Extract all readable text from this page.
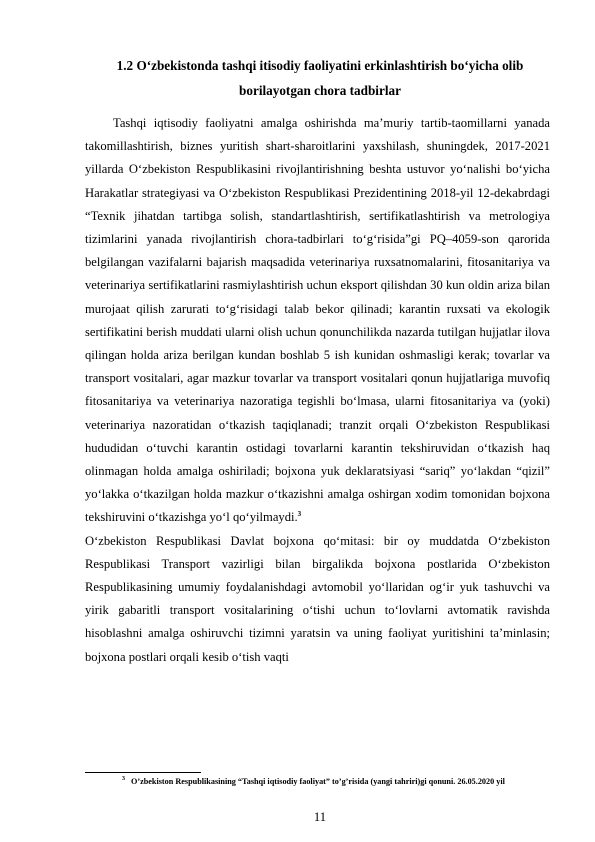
1.2 O‘zbekistonda tashqi itisodiy faoliyatini erkinlashtirish bo‘yicha olib
borilayotgan chora tadbirlar

Tashqi iqtisodiy faoliyatni amalga oshirishda maʼmuriy tartib-taomillarni yanada takomillashtirish, biznes yuritish shart-sharoitlarini yaxshilash, shuningdek, 2017-2021 yillarda Oʻzbekiston Respublikasini rivojlantirishning beshta ustuvor yoʻnalishi boʻyicha Harakatlar strategiyasi va Oʻzbekiston Respublikasi Prezidentining 2018-yil 12-dekabrdagi “Texnik jihatdan tartibga solish, standartlashtirish, sertifikatlashtirish va metrologiya tizimlarini yanada rivojlantirish chora-tadbirlari toʻgʻrisida”gi PQ–4059-son qarorida belgilangan vazifalarni bajarish maqsadida veterinariya ruxsatnomalarini, fitosanitariya va veterinariya sertifikatlarini rasmiylashtirish uchun eksport qilishdan 30 kun oldin ariza bilan murojaat qilish zarurati toʻgʻrisidagi talab bekor qilinadi; karantin ruxsati va ekologik sertifikatini berish muddati ularni olish uchun qonunchilikda nazarda tutilgan hujjatlar ilova qilingan holda ariza berilgan kundan boshlab 5 ish kunidan oshmasligi kerak; tovarlar va transport vositalari, agar mazkur tovarlar va transport vositalari qonun hujjatlariga muvofiq fitosanitariya va veterinariya nazoratiga tegishli boʻlmasa, ularni fitosanitariya va (yoki) veterinariya nazoratidan oʻtkazish taqiqlanadi; tranzit orqali Oʻzbekiston Respublikasi hududidan oʻtuvchi karantin ostidagi tovarlarni karantin tekshiruvidan oʻtkazish haq olinmagan holda amalga oshiriladi; bojxona yuk deklaratsiyasi “sariq” yoʻlakdan “qizil” yoʻlakka oʻtkazilgan holda mazkur oʻtkazishni amalga oshirgan xodim tomonidan bojxona tekshiruvini oʻtkazishga yoʻl qoʻyilmaydi.$^3$

Oʻzbekiston Respublikasi Davlat bojxona qoʻmitasi: bir oy muddatda Oʻzbekiston Respublikasi Transport vazirligi bilan birgalikda bojxona postlarida Oʻzbekiston Respublikasining umumiy foydalanishdagi avtomobil yoʻllaridan ogʻir yuk tashuvchi va yirik gabaritli transport vositalarining oʻtishi uchun toʻlovlarni avtomatik ravishda hisoblashni amalga oshiruvchi tizimni yaratsin va uning faoliyat yuritishini taʼminlasin; bojxona postlari orqali kesib oʻtish vaqti

3 O’zbekiston Respublikasining “Tashqi iqtisodiy faoliyat” to’g’risida (yangi tahriri)gi qonuni. 26.05.2020 yil
11
